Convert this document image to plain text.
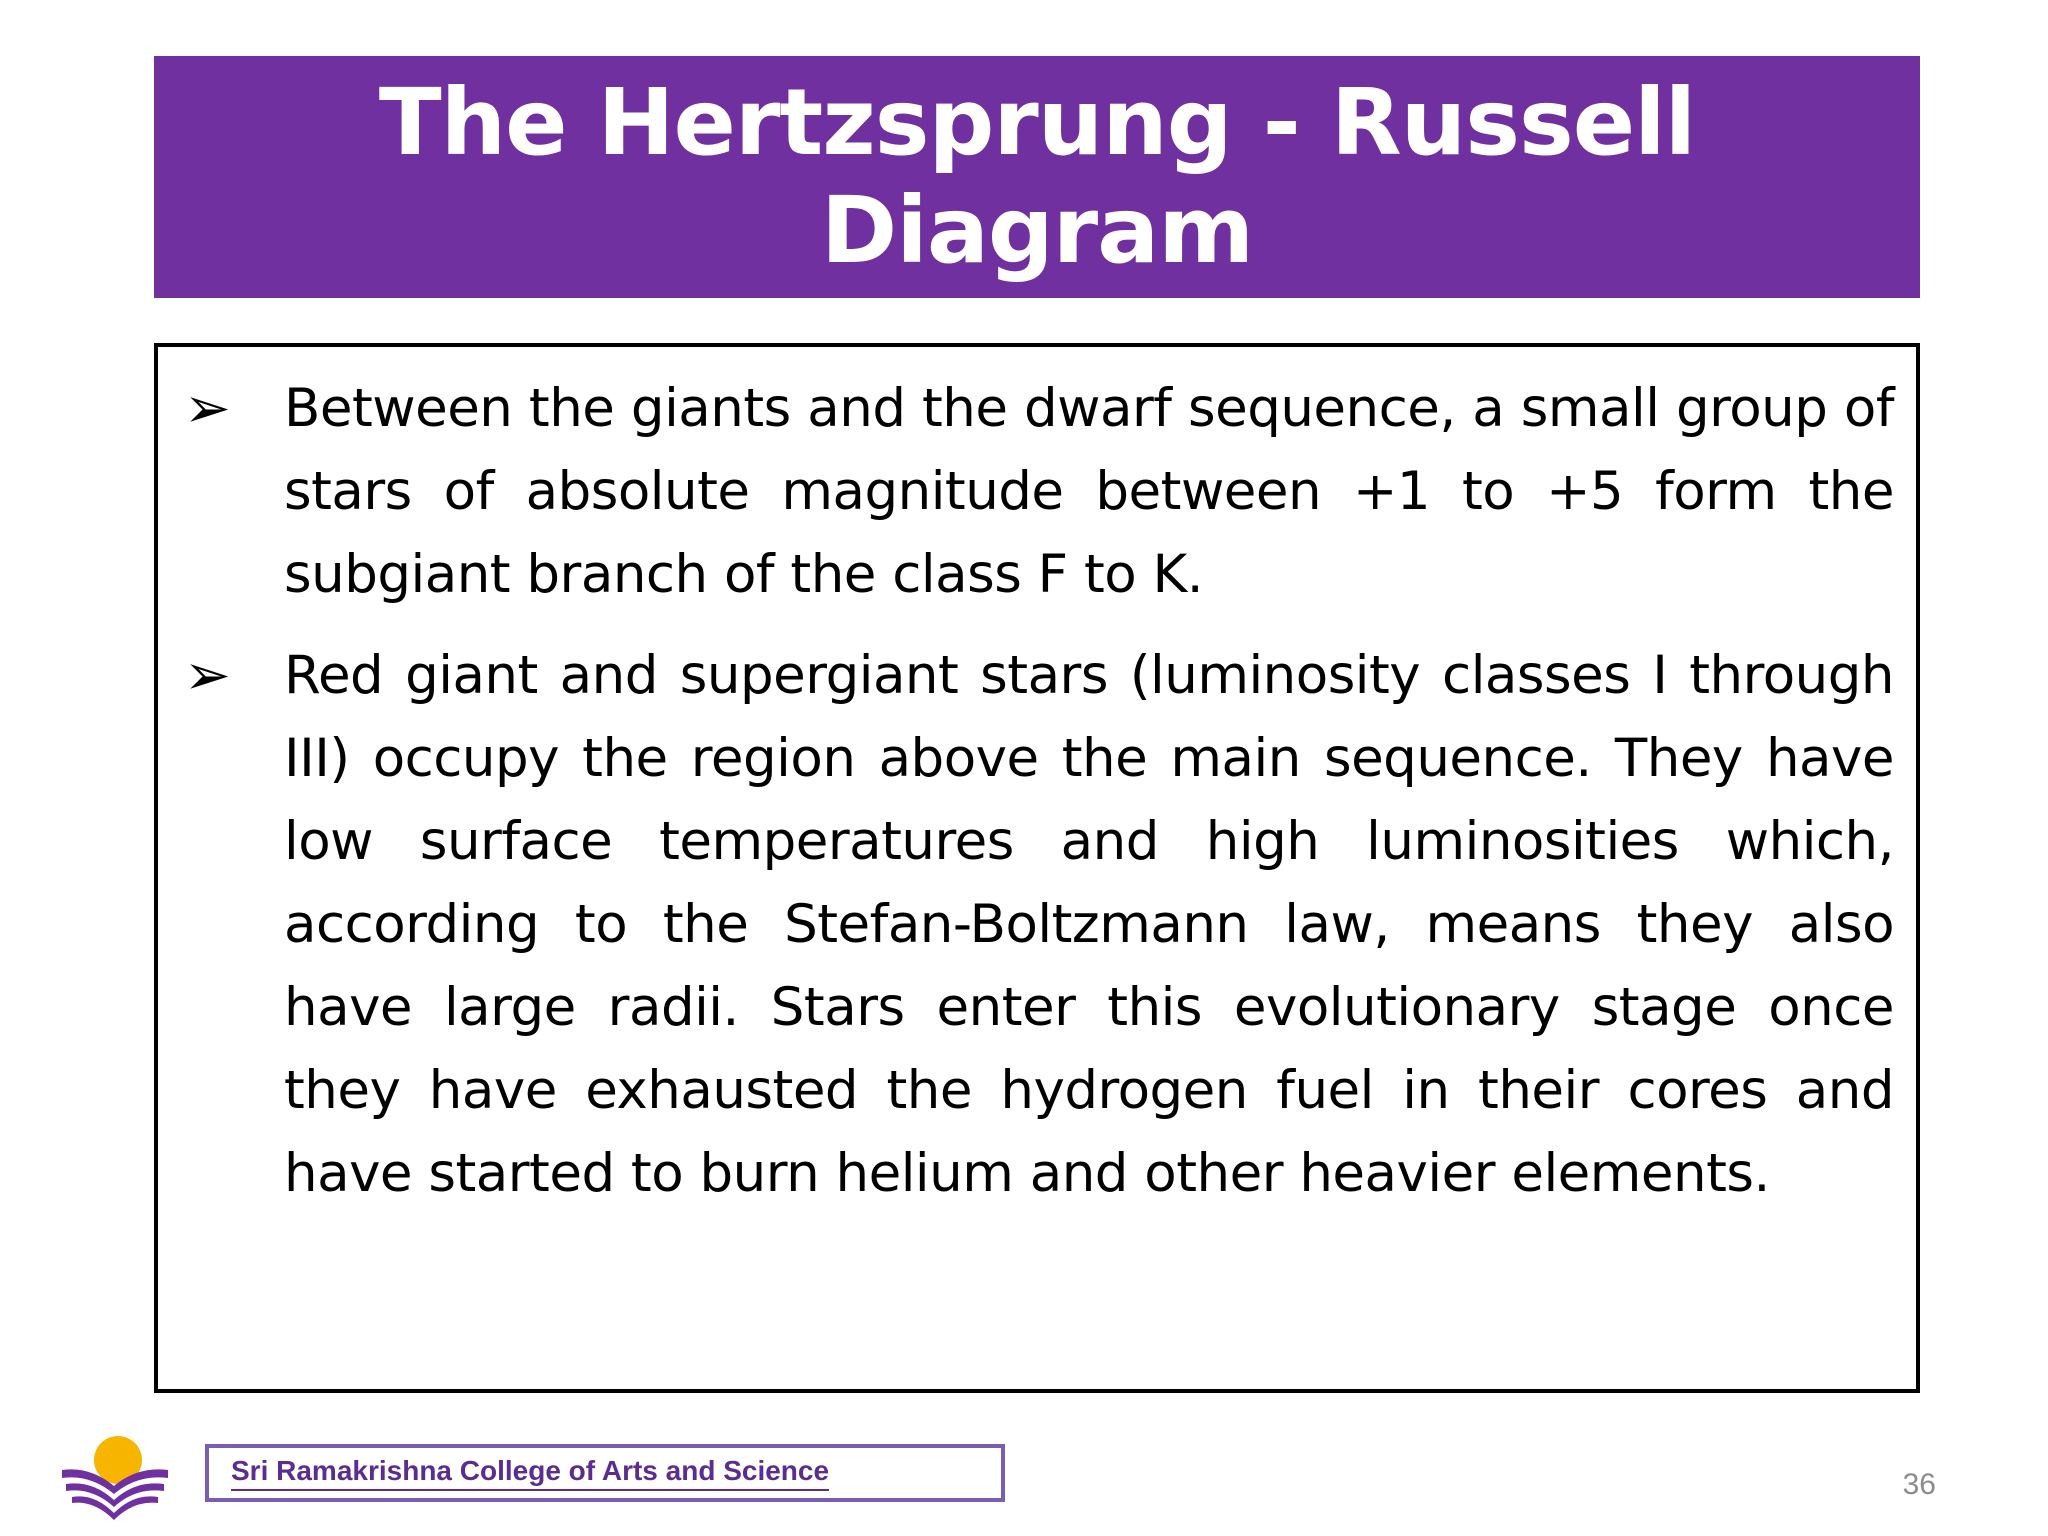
The Hertzsprung - Russell Diagram
➢	Between the giants and the dwarf sequence, a small group of stars of absolute magnitude between +1 to +5 form the subgiant branch of the class F to K.
➢	Red giant and supergiant stars (luminosity classes I through III) occupy the region above the main sequence. They have low surface temperatures and high luminosities which, according to the Stefan-Boltzmann law, means they also have large radii. Stars enter this evolutionary stage once they have exhausted the hydrogen fuel in their cores and have started to burn helium and other heavier elements.
Sri Ramakrishna College of Arts and Science	36
